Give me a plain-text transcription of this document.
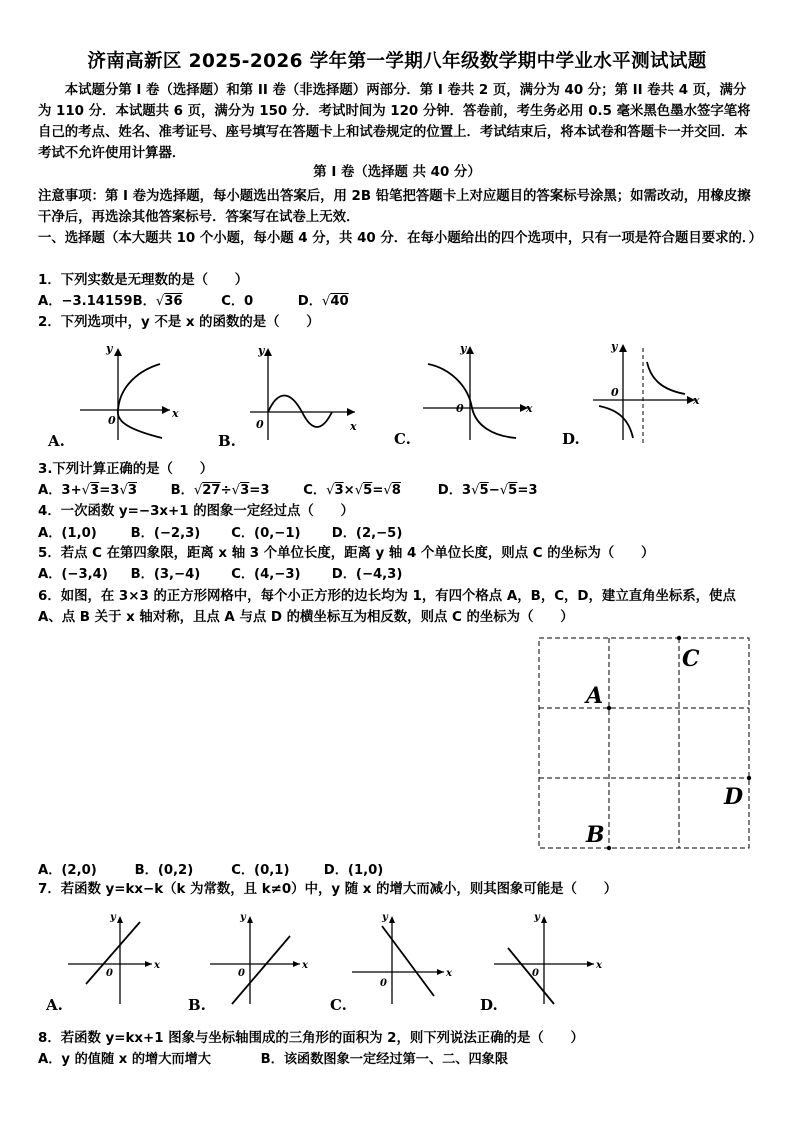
济南高新区 2025-2026 学年第一学期八年级数学期中学业水平测试试题
本试题分第 I 卷（选择题）和第 II 卷（非选择题）两部分．第 I 卷共 2 页，满分为 40 分；第 II 卷共 4 页，满分为 110 分．本试题共 6 页，满分为 150 分．考试时间为 120 分钟．答卷前，考生务必用 0.5 毫米黑色墨水签字笔将自己的考点、姓名、准考证号、座号填写在答题卡上和试卷规定的位置上．考试结束后，将本试卷和答题卡一并交回．本考试不允许使用计算器．
第 I 卷（选择题 共 40 分）
注意事项：第 I 卷为选择题，每小题选出答案后，用 2B 铅笔把答题卡上对应题目的答案标号涂黑；如需改动，用橡皮擦干净后，再选涂其他答案标号．答案写在试卷上无效．
一、选择题（本大题共 10 个小题，每小题 4 分，共 40 分．在每小题给出的四个选项中，只有一项是符合题目要求的．）
1．下列实数是无理数的是（　　）
A．−3.14159 B．√36	C．0	D．√40
2．下列选项中，y 不是 x 的函数的是（　　）
0
x
y
A.
0	x
y
B.
0	x
y
C.
0
x
y
D.
3.下列计算正确的是（　　）
A．3+√3=3√3	B．√27÷√3=3	C．√3×√5=√8	D．3√5−√5=3
4．一次函数 y=−3x+1 的图象一定经过点（　　）
A．(1,0)	B．(−2,3) C．(0,−1) D．(2,−5)
5．若点 C 在第四象限，距离 x 轴 3 个单位长度，距离 y 轴 4 个单位长度，则点 C 的坐标为（　　）
A．(−3,4) B．(3,−4) C．(4,−3) D．(−4,3)
6．如图，在 3×3 的正方形网格中，每个小正方形的边长均为 1，有四个格点 A，B，C，D，建立直角坐标系，使点 A、点 B 关于 x 轴对称，且点 A 与点 D 的横坐标互为相反数，则点 C 的坐标为（　　）
A
B
C
D
A．(2,0)	B．(0,2)	C．(0,1)	D．(1,0)
7．若函数 y=kx−k（k 为常数，且 k≠0）中，y 随 x 的增大而减小，则其图象可能是（　　）
0
x
y
A.
0
x
y
B.
0
x
y
C.
0
x
y
D.
8．若函数 y=kx+1 图象与坐标轴围成的三角形的面积为 2，则下列说法正确的是（　　）
A．y 的值随 x 的增大而增大	B．该函数图象一定经过第一、二、四象限
